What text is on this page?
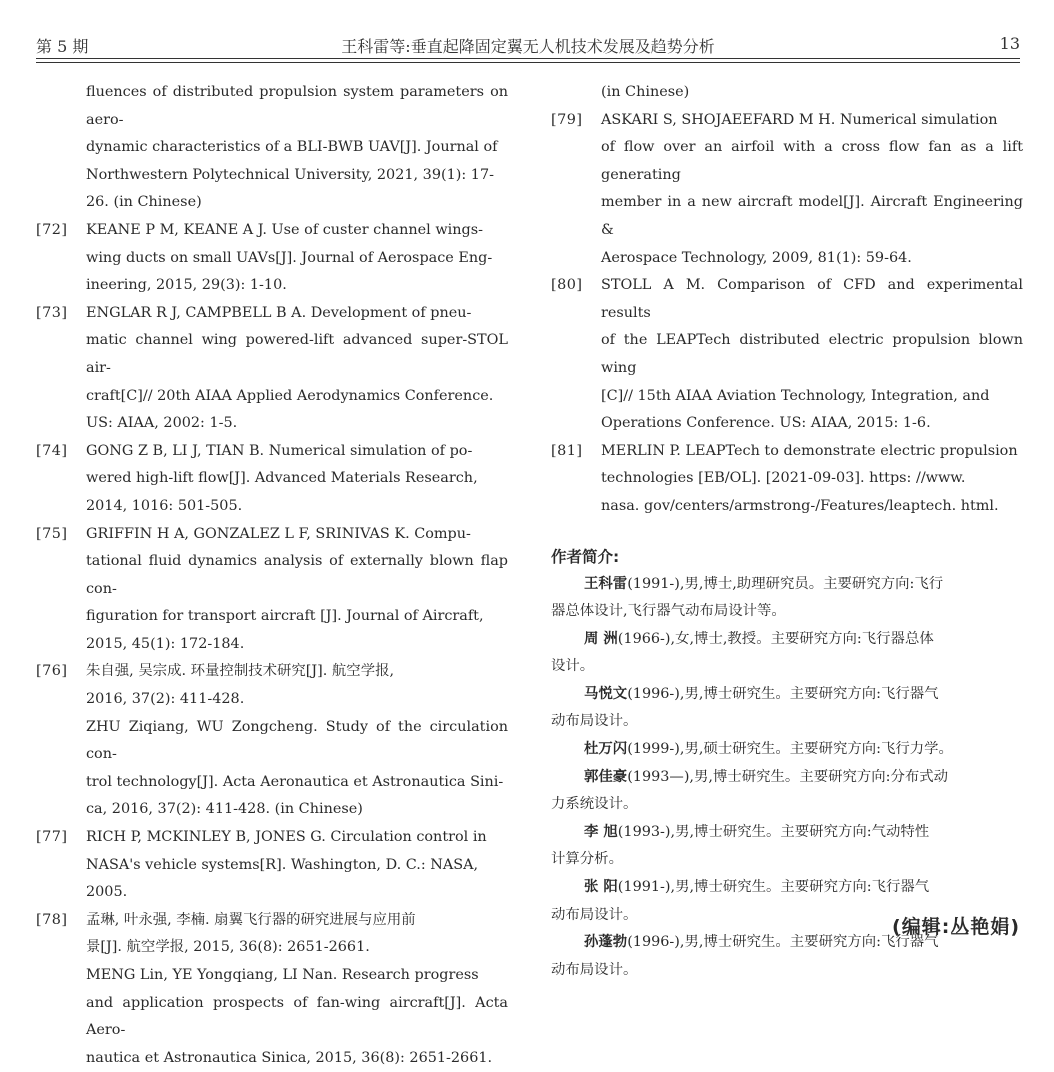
第 5 期	王科雷等:垂直起降固定翼无人机技术发展及趋势分析	13
fluences of distributed propulsion system parameters on aero-
dynamic characteristics of a BLI-BWB UAV[J]. Journal of
Northwestern Polytechnical University, 2021, 39(1): 17-
26. (in Chinese)
[72]	KEANE P M, KEANE A J. Use of custer channel wings-
wing ducts on small UAVs[J]. Journal of Aerospace Eng-
ineering, 2015, 29(3): 1-10.
[73]	ENGLAR R J, CAMPBELL B A. Development of pneu-
matic channel wing powered-lift advanced super-STOL air-
craft[C]// 20th AIAA Applied Aerodynamics Conference.
US: AIAA, 2002: 1-5.
[74]	GONG Z B, LI J, TIAN B. Numerical simulation of po-
wered high-lift flow[J]. Advanced Materials Research,
2014, 1016: 501-505.
[75]	GRIFFIN H A, GONZALEZ L F, SRINIVAS K. Compu-
tational fluid dynamics analysis of externally blown flap con-
figuration for transport aircraft [J]. Journal of Aircraft,
2015, 45(1): 172-184.
[76]	朱自强, 吴宗成. 环量控制技术研究[J]. 航空学报,
2016, 37(2): 411-428.
ZHU Ziqiang, WU Zongcheng. Study of the circulation con-
trol technology[J]. Acta Aeronautica et Astronautica Sini-
ca, 2016, 37(2): 411-428. (in Chinese)
[77]	RICH P, MCKINLEY B, JONES G. Circulation control in
NASA's vehicle systems[R]. Washington, D. C.: NASA,
2005.
[78]	孟琳, 叶永强, 李楠. 扇翼飞行器的研究进展与应用前
景[J]. 航空学报, 2015, 36(8): 2651-2661.
MENG Lin, YE Yongqiang, LI Nan. Research progress
and application prospects of fan-wing aircraft[J]. Acta Aero-
nautica et Astronautica Sinica, 2015, 36(8): 2651-2661.
(in Chinese)
[79]	ASKARI S, SHOJAEEFARD M H. Numerical simulation
of flow over an airfoil with a cross flow fan as a lift generating
member in a new aircraft model[J]. Aircraft Engineering &
Aerospace Technology, 2009, 81(1): 59-64.
[80]	STOLL A M. Comparison of CFD and experimental results
of the LEAPTech distributed electric propulsion blown wing
[C]// 15th AIAA Aviation Technology, Integration, and
Operations Conference. US: AIAA, 2015: 1-6.
[81]	MERLIN P. LEAPTech to demonstrate electric propulsion
technologies [EB/OL]. [2021-09-03]. https: //www.
nasa. gov/centers/armstrong-/Features/leaptech. html.
作者简介:
王科雷(1991-),男,博士,助理研究员。主要研究方向:飞行
器总体设计,飞行器气动布局设计等。
周 洲(1966-),女,博士,教授。主要研究方向:飞行器总体
设计。
马悦文(1996-),男,博士研究生。主要研究方向:飞行器气
动布局设计。
杜万闪(1999-),男,硕士研究生。主要研究方向:飞行力学。
郭佳豪(1993—),男,博士研究生。主要研究方向:分布式动
力系统设计。
李 旭(1993-),男,博士研究生。主要研究方向:气动特性
计算分析。
张 阳(1991-),男,博士研究生。主要研究方向:飞行器气
动布局设计。
孙蓬勃(1996-),男,博士研究生。主要研究方向:飞行器气
动布局设计。
(编辑:丛艳娟)
